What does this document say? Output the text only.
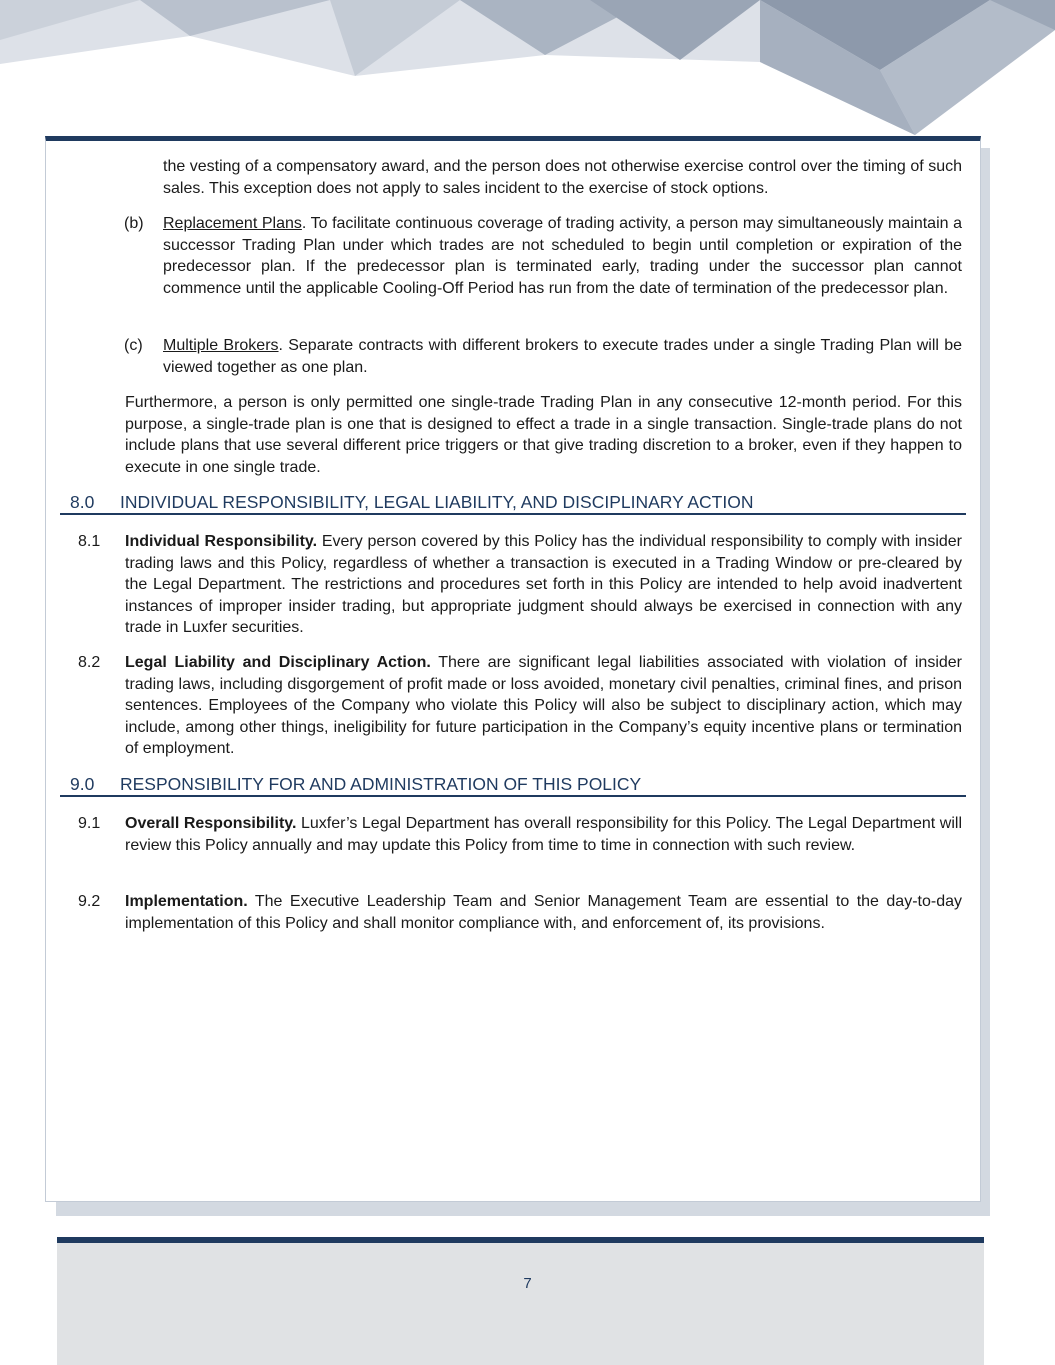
the vesting of a compensatory award, and the person does not otherwise exercise control over the timing of such sales. This exception does not apply to sales incident to the exercise of stock options.

(b) Replacement Plans. To facilitate continuous coverage of trading activity, a person may simultaneously maintain a successor Trading Plan under which trades are not scheduled to begin until completion or expiration of the predecessor plan. If the predecessor plan is terminated early, trading under the successor plan cannot commence until the applicable Cooling-Off Period has run from the date of termination of the predecessor plan.

(c) Multiple Brokers. Separate contracts with different brokers to execute trades under a single Trading Plan will be viewed together as one plan.

Furthermore, a person is only permitted one single-trade Trading Plan in any consecutive 12-month period. For this purpose, a single-trade plan is one that is designed to effect a trade in a single transaction. Single-trade plans do not include plans that use several different price triggers or that give trading discretion to a broker, even if they happen to execute in one single trade.

8.0 INDIVIDUAL RESPONSIBILITY, LEGAL LIABILITY, AND DISCIPLINARY ACTION
8.1 Individual Responsibility. Every person covered by this Policy has the individual responsibility to comply with insider trading laws and this Policy, regardless of whether a transaction is executed in a Trading Window or pre-cleared by the Legal Department. The restrictions and procedures set forth in this Policy are intended to help avoid inadvertent instances of improper insider trading, but appropriate judgment should always be exercised in connection with any trade in Luxfer securities.

8.2 Legal Liability and Disciplinary Action. There are significant legal liabilities associated with violation of insider trading laws, including disgorgement of profit made or loss avoided, monetary civil penalties, criminal fines, and prison sentences. Employees of the Company who violate this Policy will also be subject to disciplinary action, which may include, among other things, ineligibility for future participation in the Company’s equity incentive plans or termination of employment.

9.0 RESPONSIBILITY FOR AND ADMINISTRATION OF THIS POLICY
9.1 Overall Responsibility. Luxfer’s Legal Department has overall responsibility for this Policy. The Legal Department will review this Policy annually and may update this Policy from time to time in connection with such review.

9.2 Implementation. The Executive Leadership Team and Senior Management Team are essential to the day-to-day implementation of this Policy and shall monitor compliance with, and enforcement of, its provisions.

7
